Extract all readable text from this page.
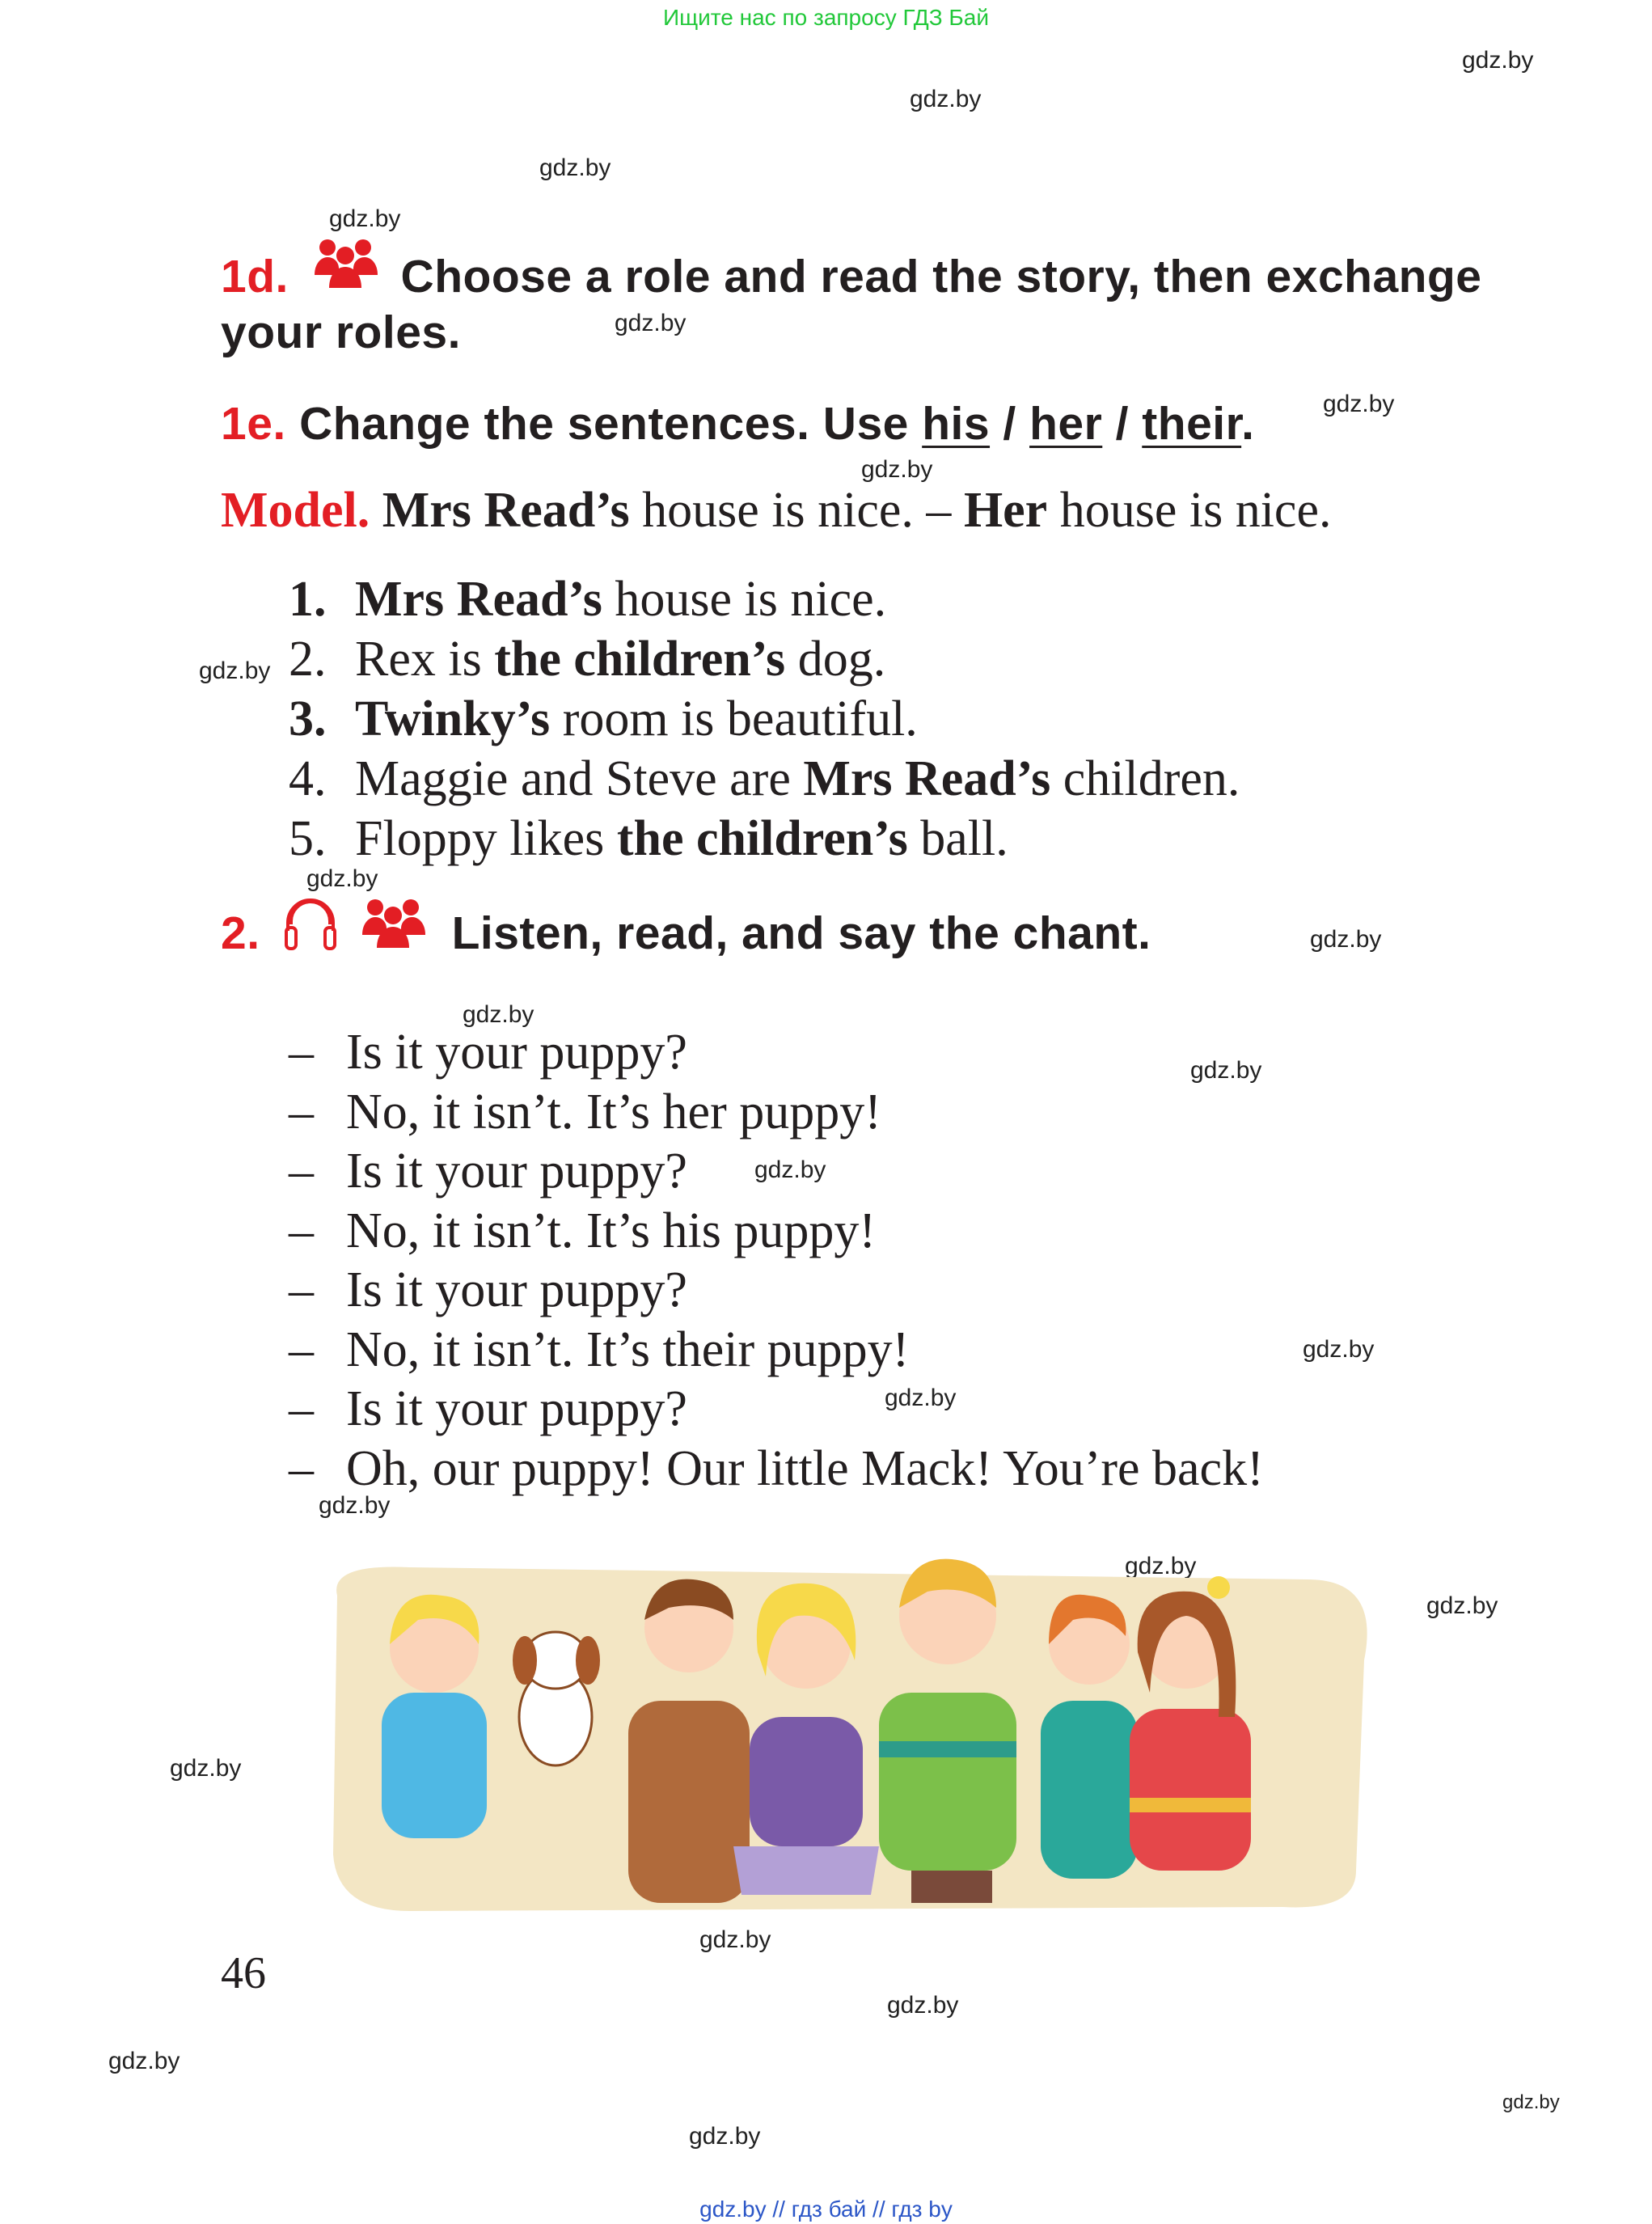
Ищите нас по запросу ГДЗ Бай
gdz.by
gdz.by
gdz.by
gdz.by
gdz.by
gdz.by
gdz.by
gdz.by
gdz.by
gdz.by
gdz.by
gdz.by
gdz.by
gdz.by
gdz.by
gdz.by
gdz.by
gdz.by
gdz.by
gdz.by
gdz.by
gdz.by
gdz.by
gdz.by
1d. Choose a role and read the story, then exchange
your roles.
1e. Change the sentences. Use his / her / their.
Model. Mrs Read’s house is nice. – Her house is nice.
1. Mrs Read’s house is nice.
2. Rex is the children’s dog.
3. Twinky’s room is beautiful.
4. Maggie and Steve are Mrs Read’s children.
5. Floppy likes the children’s ball.
2.	Listen, read, and say the chant.
– Is it your puppy?
– No, it isn’t. It’s her puppy!
– Is it your puppy?
– No, it isn’t. It’s his puppy!
– Is it your puppy?
– No, it isn’t. It’s their puppy!
– Is it your puppy?
– Oh, our puppy! Our little Mack! You’re back!
46
gdz.by // гдз бай // гдз by
